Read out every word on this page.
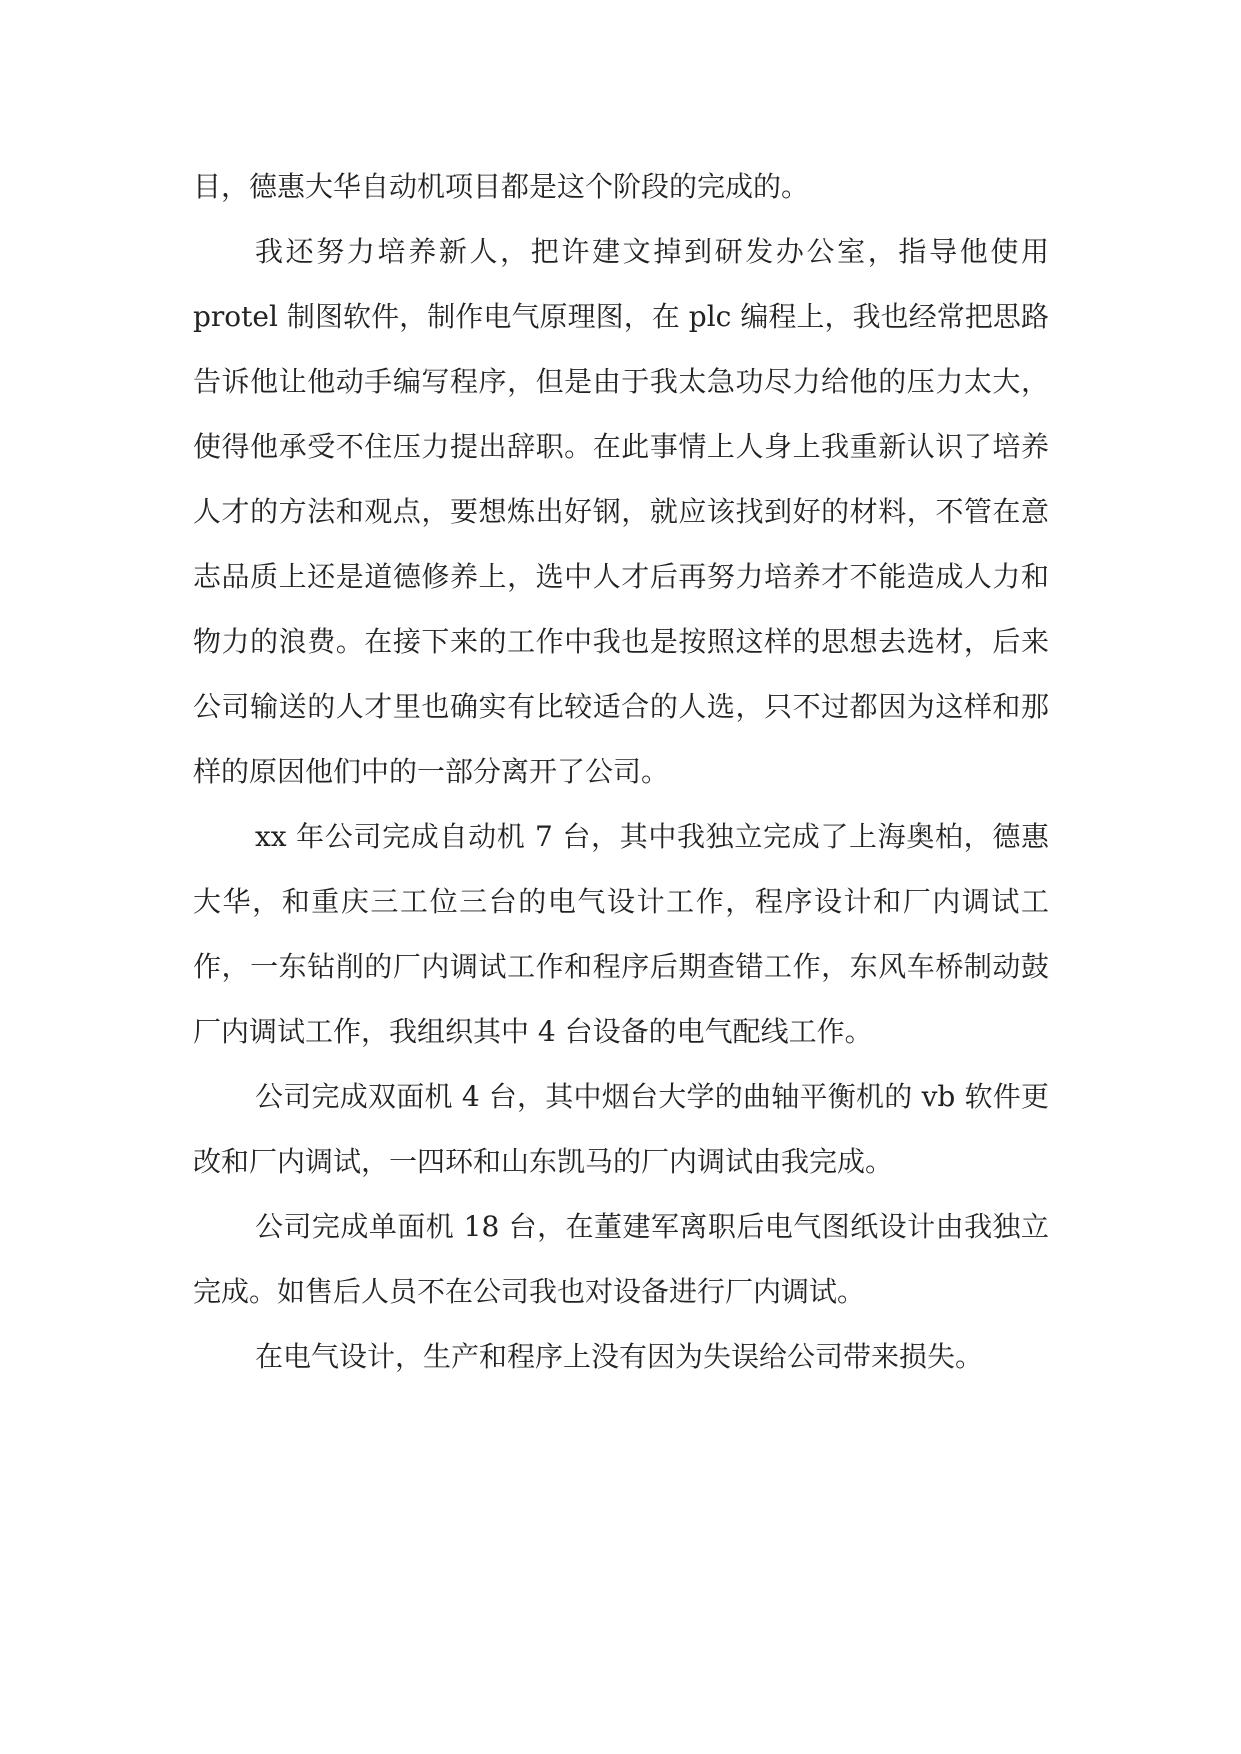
目，德惠大华自动机项目都是这个阶段的完成的。

我还努力培养新人，把许建文掉到研发办公室，指导他使用 protel 制图软件，制作电气原理图，在 plc 编程上，我也经常把思路告诉他让他动手编写程序，但是由于我太急功尽力给他的压力太大，使得他承受不住压力提出辞职。在此事情上人身上我重新认识了培养人才的方法和观点，要想炼出好钢，就应该找到好的材料，不管在意志品质上还是道德修养上，选中人才后再努力培养才不能造成人力和物力的浪费。在接下来的工作中我也是按照这样的思想去选材，后来公司输送的人才里也确实有比较适合的人选，只不过都因为这样和那样的原因他们中的一部分离开了公司。

xx 年公司完成自动机 7 台，其中我独立完成了上海奥柏，德惠大华，和重庆三工位三台的电气设计工作，程序设计和厂内调试工作，一东钻削的厂内调试工作和程序后期查错工作，东风车桥制动鼓厂内调试工作，我组织其中 4 台设备的电气配线工作。

公司完成双面机 4 台，其中烟台大学的曲轴平衡机的 vb 软件更改和厂内调试，一四环和山东凯马的厂内调试由我完成。

公司完成单面机 18 台，在董建军离职后电气图纸设计由我独立完成。如售后人员不在公司我也对设备进行厂内调试。

在电气设计，生产和程序上没有因为失误给公司带来损失。
